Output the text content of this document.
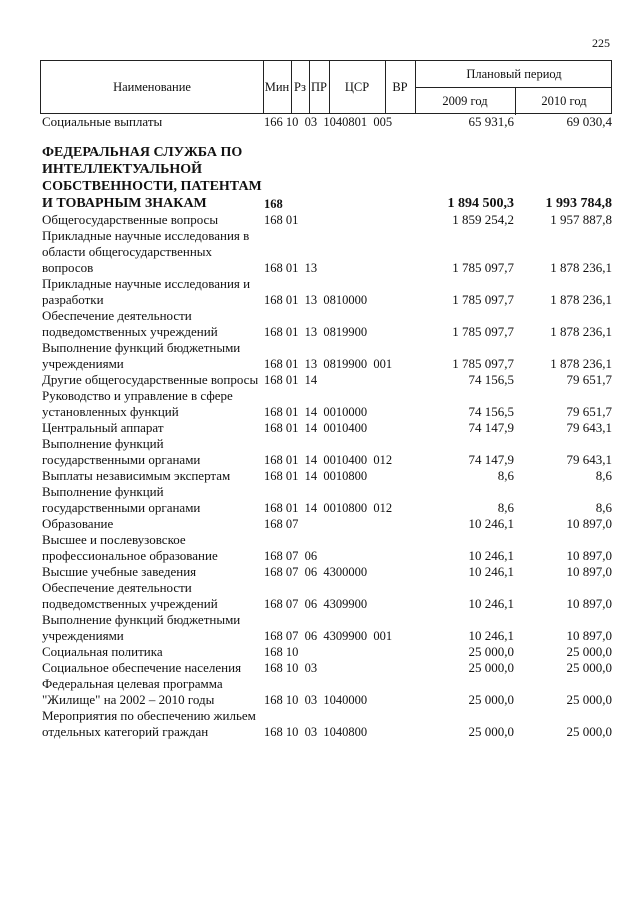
225
Наименование	Мин Рз ПР	ЦСР	ВР
Плановый период
2009 год	2010 год
Социальные выплаты	166 10  03  1040801  005	65 931,6	69 030,4
ФЕДЕРАЛЬНАЯ СЛУЖБА ПО ИНТЕЛЛЕКТУАЛЬНОЙ СОБСТВЕННОСТИ, ПАТЕНТАМ И ТОВАРНЫМ ЗНАКАМ	168	1 894 500,3	1 993 784,8
Общегосударственные вопросы	168 01	1 859 254,2	1 957 887,8
Прикладные научные исследования в области общегосударственных вопросов	168 01  13	1 785 097,7	1 878 236,1
Прикладные научные исследования и разработки	168 01  13  0810000	1 785 097,7	1 878 236,1
Обеспечение деятельности подведомственных учреждений	168 01  13  0819900	1 785 097,7	1 878 236,1
Выполнение функций бюджетными учреждениями	168 01  13  0819900  001	1 785 097,7	1 878 236,1
Другие общегосударственные вопросы 168 01  14	74 156,5	79 651,7
Руководство и управление в сфере установленных функций	168 01  14  0010000	74 156,5	79 651,7
Центральный аппарат	168 01  14  0010400	74 147,9	79 643,1
Выполнение функций государственными органами	168 01  14  0010400  012	74 147,9	79 643,1
Выплаты независимым экспертам	168 01  14  0010800	8,6	8,6
Выполнение функций государственными органами	168 01  14  0010800  012	8,6	8,6
Образование	168 07	10 246,1	10 897,0
Высшее и послевузовское профессиональное образование	168 07  06	10 246,1	10 897,0
Высшие учебные заведения	168 07  06  4300000	10 246,1	10 897,0
Обеспечение деятельности подведомственных учреждений	168 07  06  4309900	10 246,1	10 897,0
Выполнение функций бюджетными учреждениями	168 07  06  4309900  001	10 246,1	10 897,0
Социальная политика	168 10	25 000,0	25 000,0
Социальное обеспечение населения	168 10  03	25 000,0	25 000,0
Федеральная целевая программа "Жилище" на 2002 – 2010 годы	168 10  03  1040000	25 000,0	25 000,0
Мероприятия по обеспечению жильем отдельных категорий граждан	168 10  03  1040800	25 000,0	25 000,0
